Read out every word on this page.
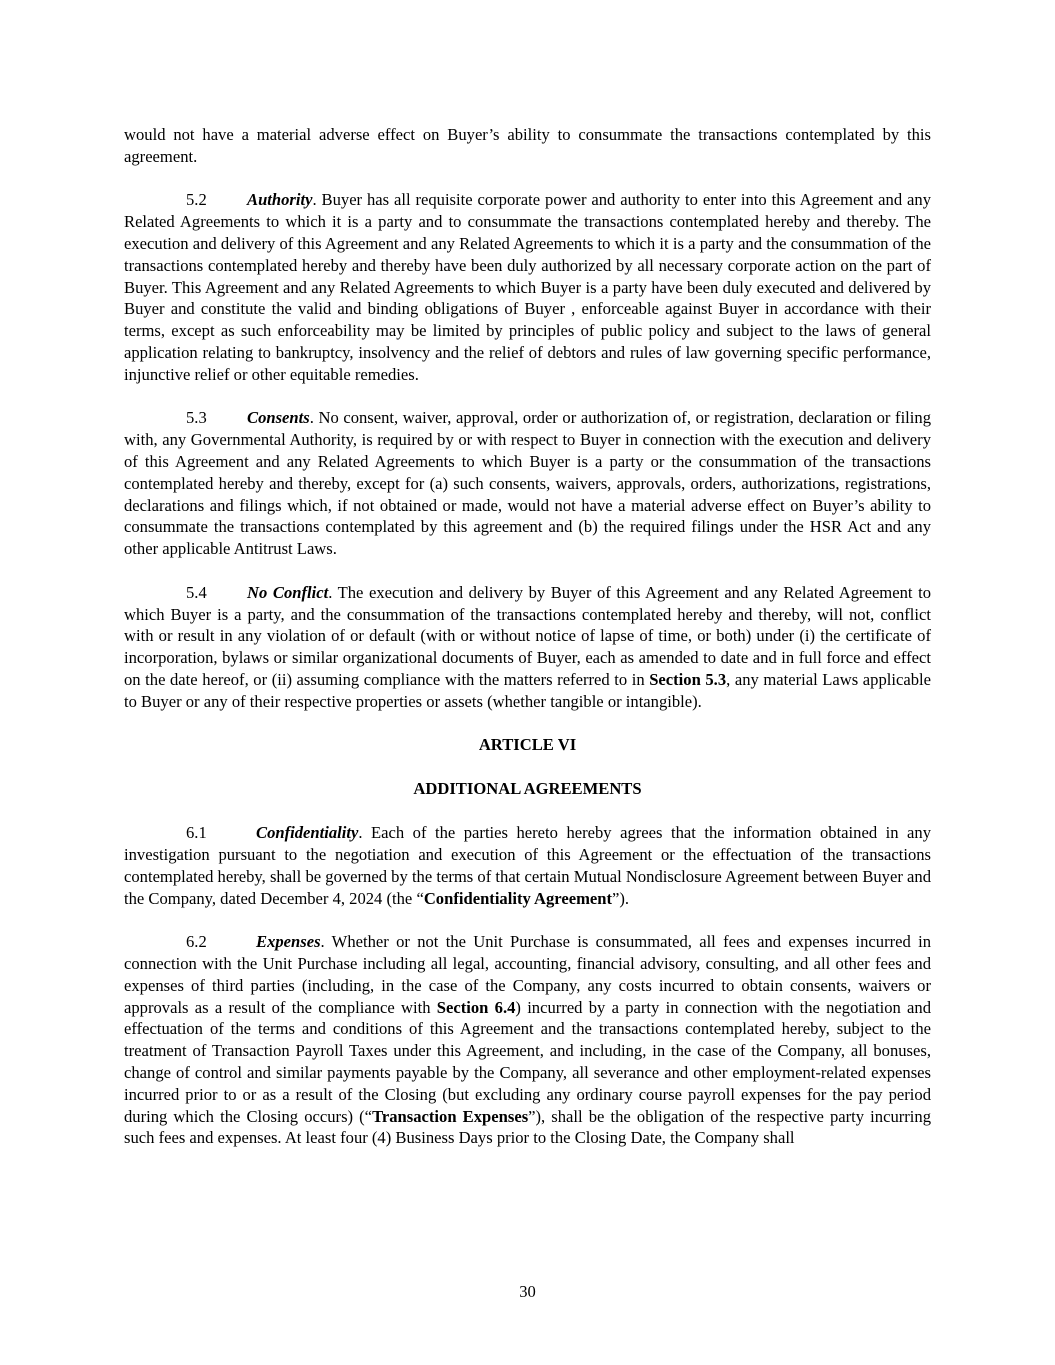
would not have a material adverse effect on Buyer’s ability to consummate the transactions contemplated by this agreement.

5.2 Authority. Buyer has all requisite corporate power and authority to enter into this Agreement and any Related Agreements to which it is a party and to consummate the transactions contemplated hereby and thereby. The execution and delivery of this Agreement and any Related Agreements to which it is a party and the consummation of the transactions contemplated hereby and thereby have been duly authorized by all necessary corporate action on the part of Buyer. This Agreement and any Related Agreements to which Buyer is a party have been duly executed and delivered by Buyer and constitute the valid and binding obligations of Buyer , enforceable against Buyer in accordance with their terms, except as such enforceability may be limited by principles of public policy and subject to the laws of general application relating to bankruptcy, insolvency and the relief of debtors and rules of law governing specific performance, injunctive relief or other equitable remedies.

5.3 Consents. No consent, waiver, approval, order or authorization of, or registration, declaration or filing with, any Governmental Authority, is required by or with respect to Buyer in connection with the execution and delivery of this Agreement and any Related Agreements to which Buyer is a party or the consummation of the transactions contemplated hereby and thereby, except for (a) such consents, waivers, approvals, orders, authorizations, registrations, declarations and filings which, if not obtained or made, would not have a material adverse effect on Buyer’s ability to consummate the transactions contemplated by this agreement and (b) the required filings under the HSR Act and any other applicable Antitrust Laws.

5.4 No Conflict. The execution and delivery by Buyer of this Agreement and any Related Agreement to which Buyer is a party, and the consummation of the transactions contemplated hereby and thereby, will not, conflict with or result in any violation of or default (with or without notice of lapse of time, or both) under (i) the certificate of incorporation, bylaws or similar organizational documents of Buyer, each as amended to date and in full force and effect on the date hereof, or (ii) assuming compliance with the matters referred to in Section 5.3, any material Laws applicable to Buyer or any of their respective properties or assets (whether tangible or intangible).

ARTICLE VI

ADDITIONAL AGREEMENTS

6.1	Confidentiality. Each of the parties hereto hereby agrees that the information obtained in any investigation pursuant to the negotiation and execution of this Agreement or the effectuation of the transactions contemplated hereby, shall be governed by the terms of that certain Mutual Nondisclosure Agreement between Buyer and the Company, dated December 4, 2024 (the “Confidentiality Agreement”).

6.2	Expenses. Whether or not the Unit Purchase is consummated, all fees and expenses incurred in connection with the Unit Purchase including all legal, accounting, financial advisory, consulting, and all other fees and expenses of third parties (including, in the case of the Company, any costs incurred to obtain consents, waivers or approvals as a result of the compliance with Section 6.4) incurred by a party in connection with the negotiation and effectuation of the terms and conditions of this Agreement and the transactions contemplated hereby, subject to the treatment of Transaction Payroll Taxes under this Agreement, and including, in the case of the Company, all bonuses, change of control and similar payments payable by the Company, all severance and other employment-related expenses incurred prior to or as a result of the Closing (but excluding any ordinary course payroll expenses for the pay period during which the Closing occurs) (“Transaction Expenses”), shall be the obligation of the respective party incurring such fees and expenses. At least four (4) Business Days prior to the Closing Date, the Company shall

30
